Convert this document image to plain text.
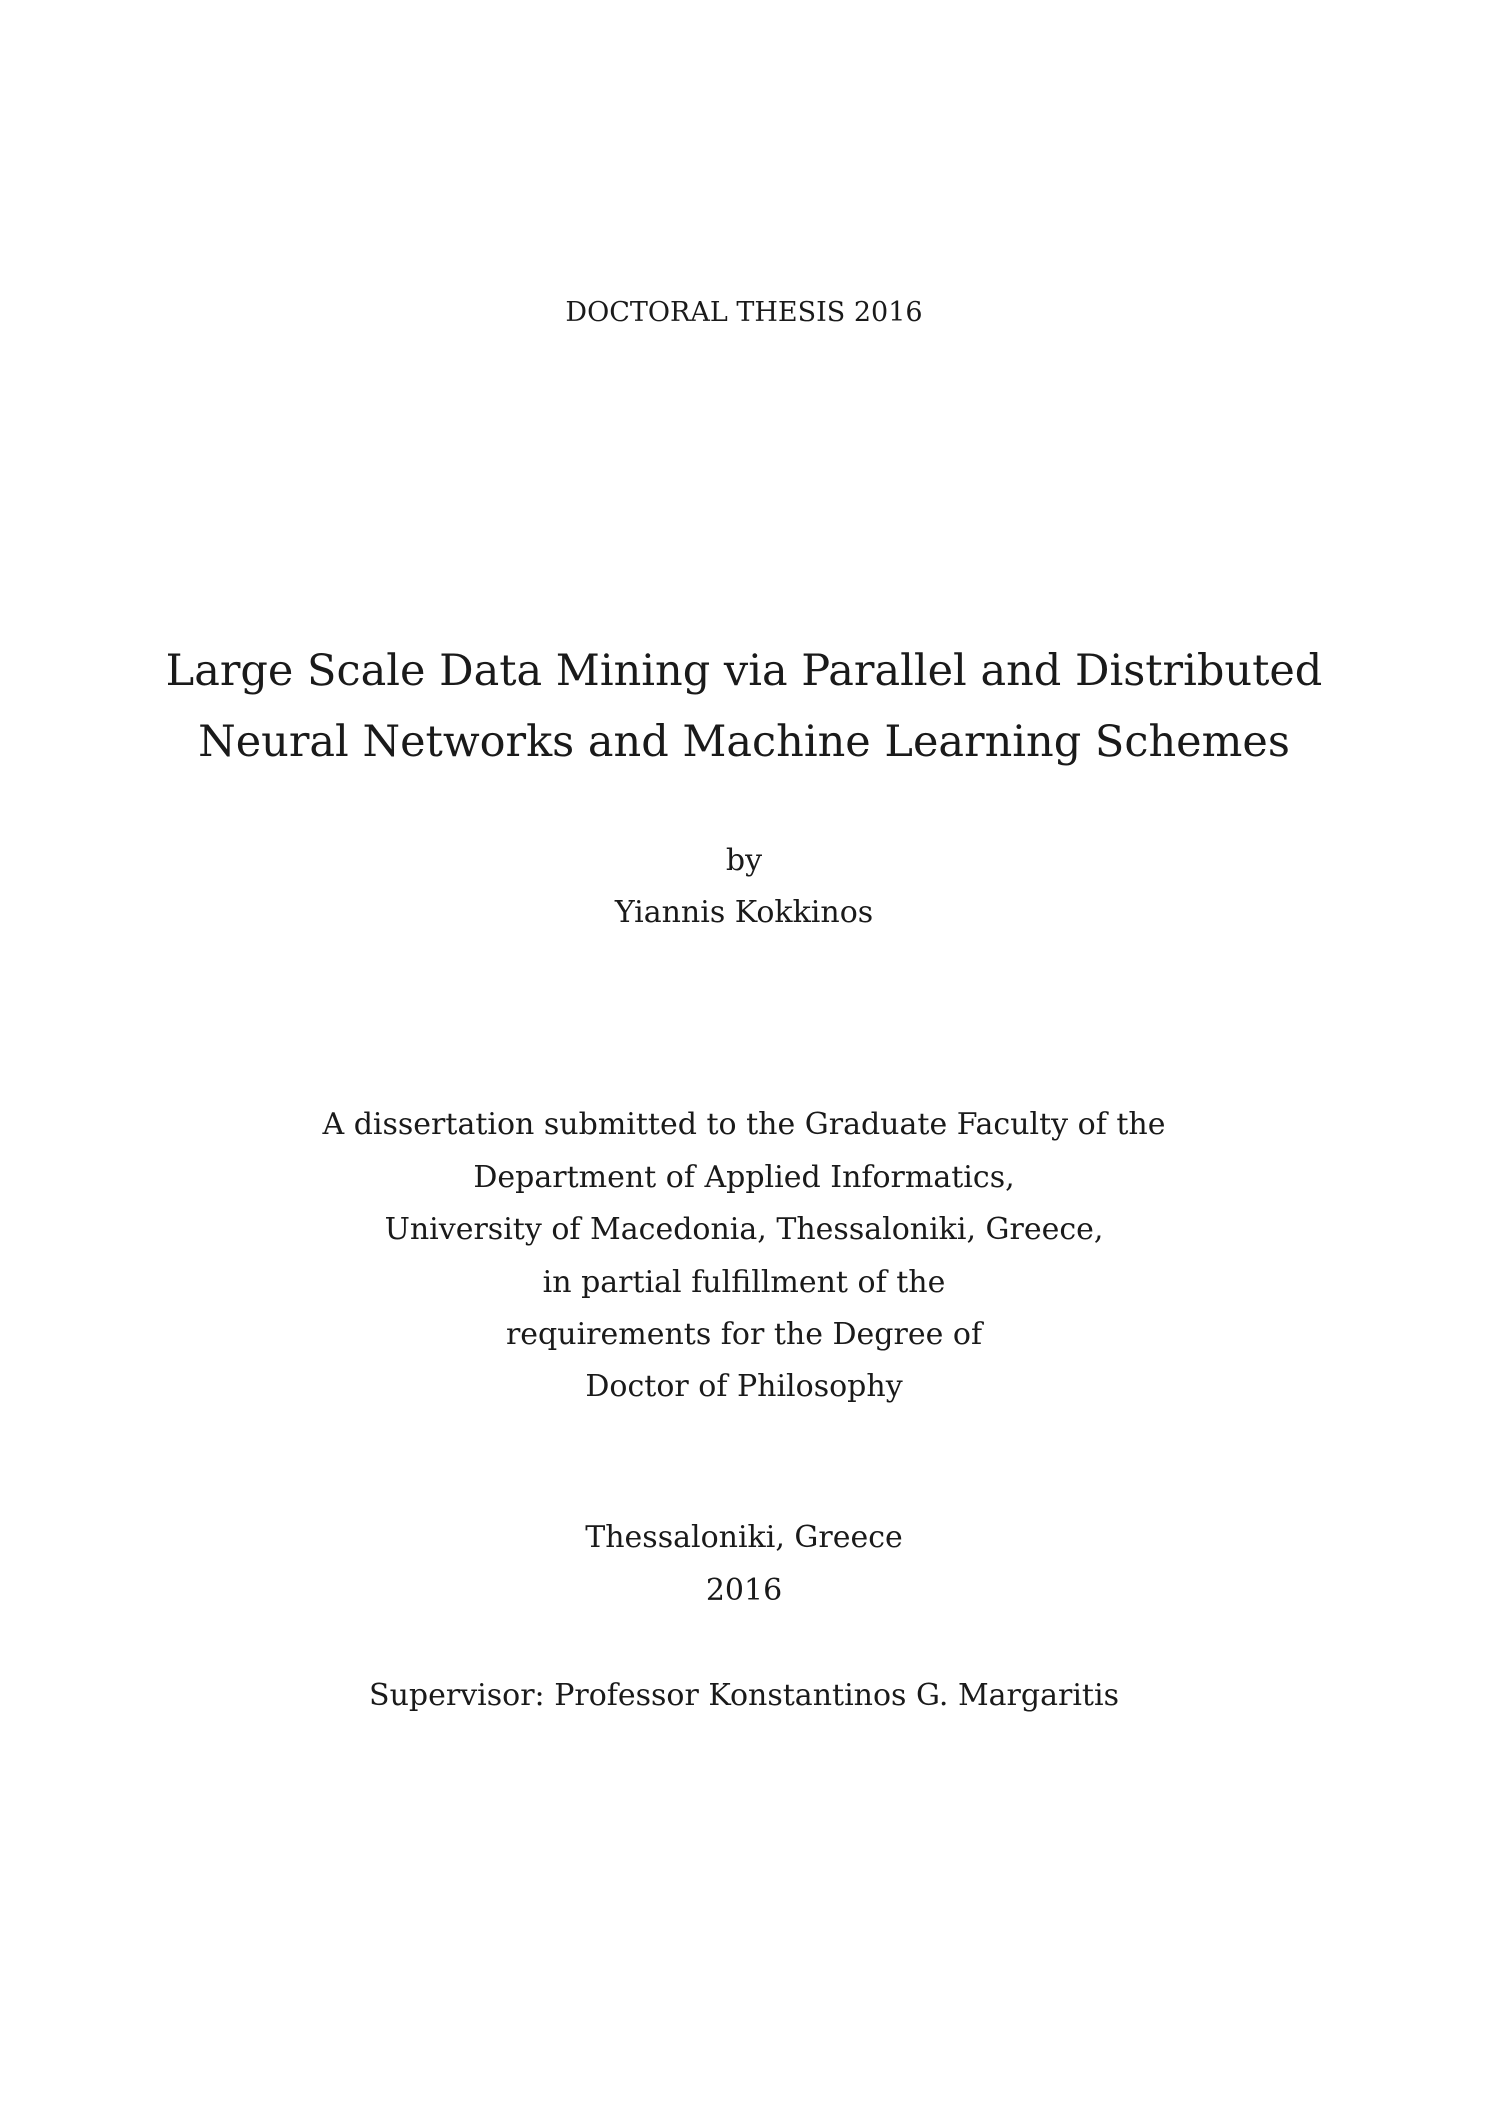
DOCTORAL THESIS 2016
Large Scale Data Mining via Parallel and Distributed
Neural Networks and Machine Learning Schemes
by
Yiannis Kokkinos
A dissertation submitted to the Graduate Faculty of the
Department of Applied Informatics,
University of Macedonia, Thessaloniki, Greece,
in partial fulfillment of the
requirements for the Degree of
Doctor of Philosophy
Thessaloniki, Greece
2016
Supervisor: Professor Konstantinos G. Margaritis
